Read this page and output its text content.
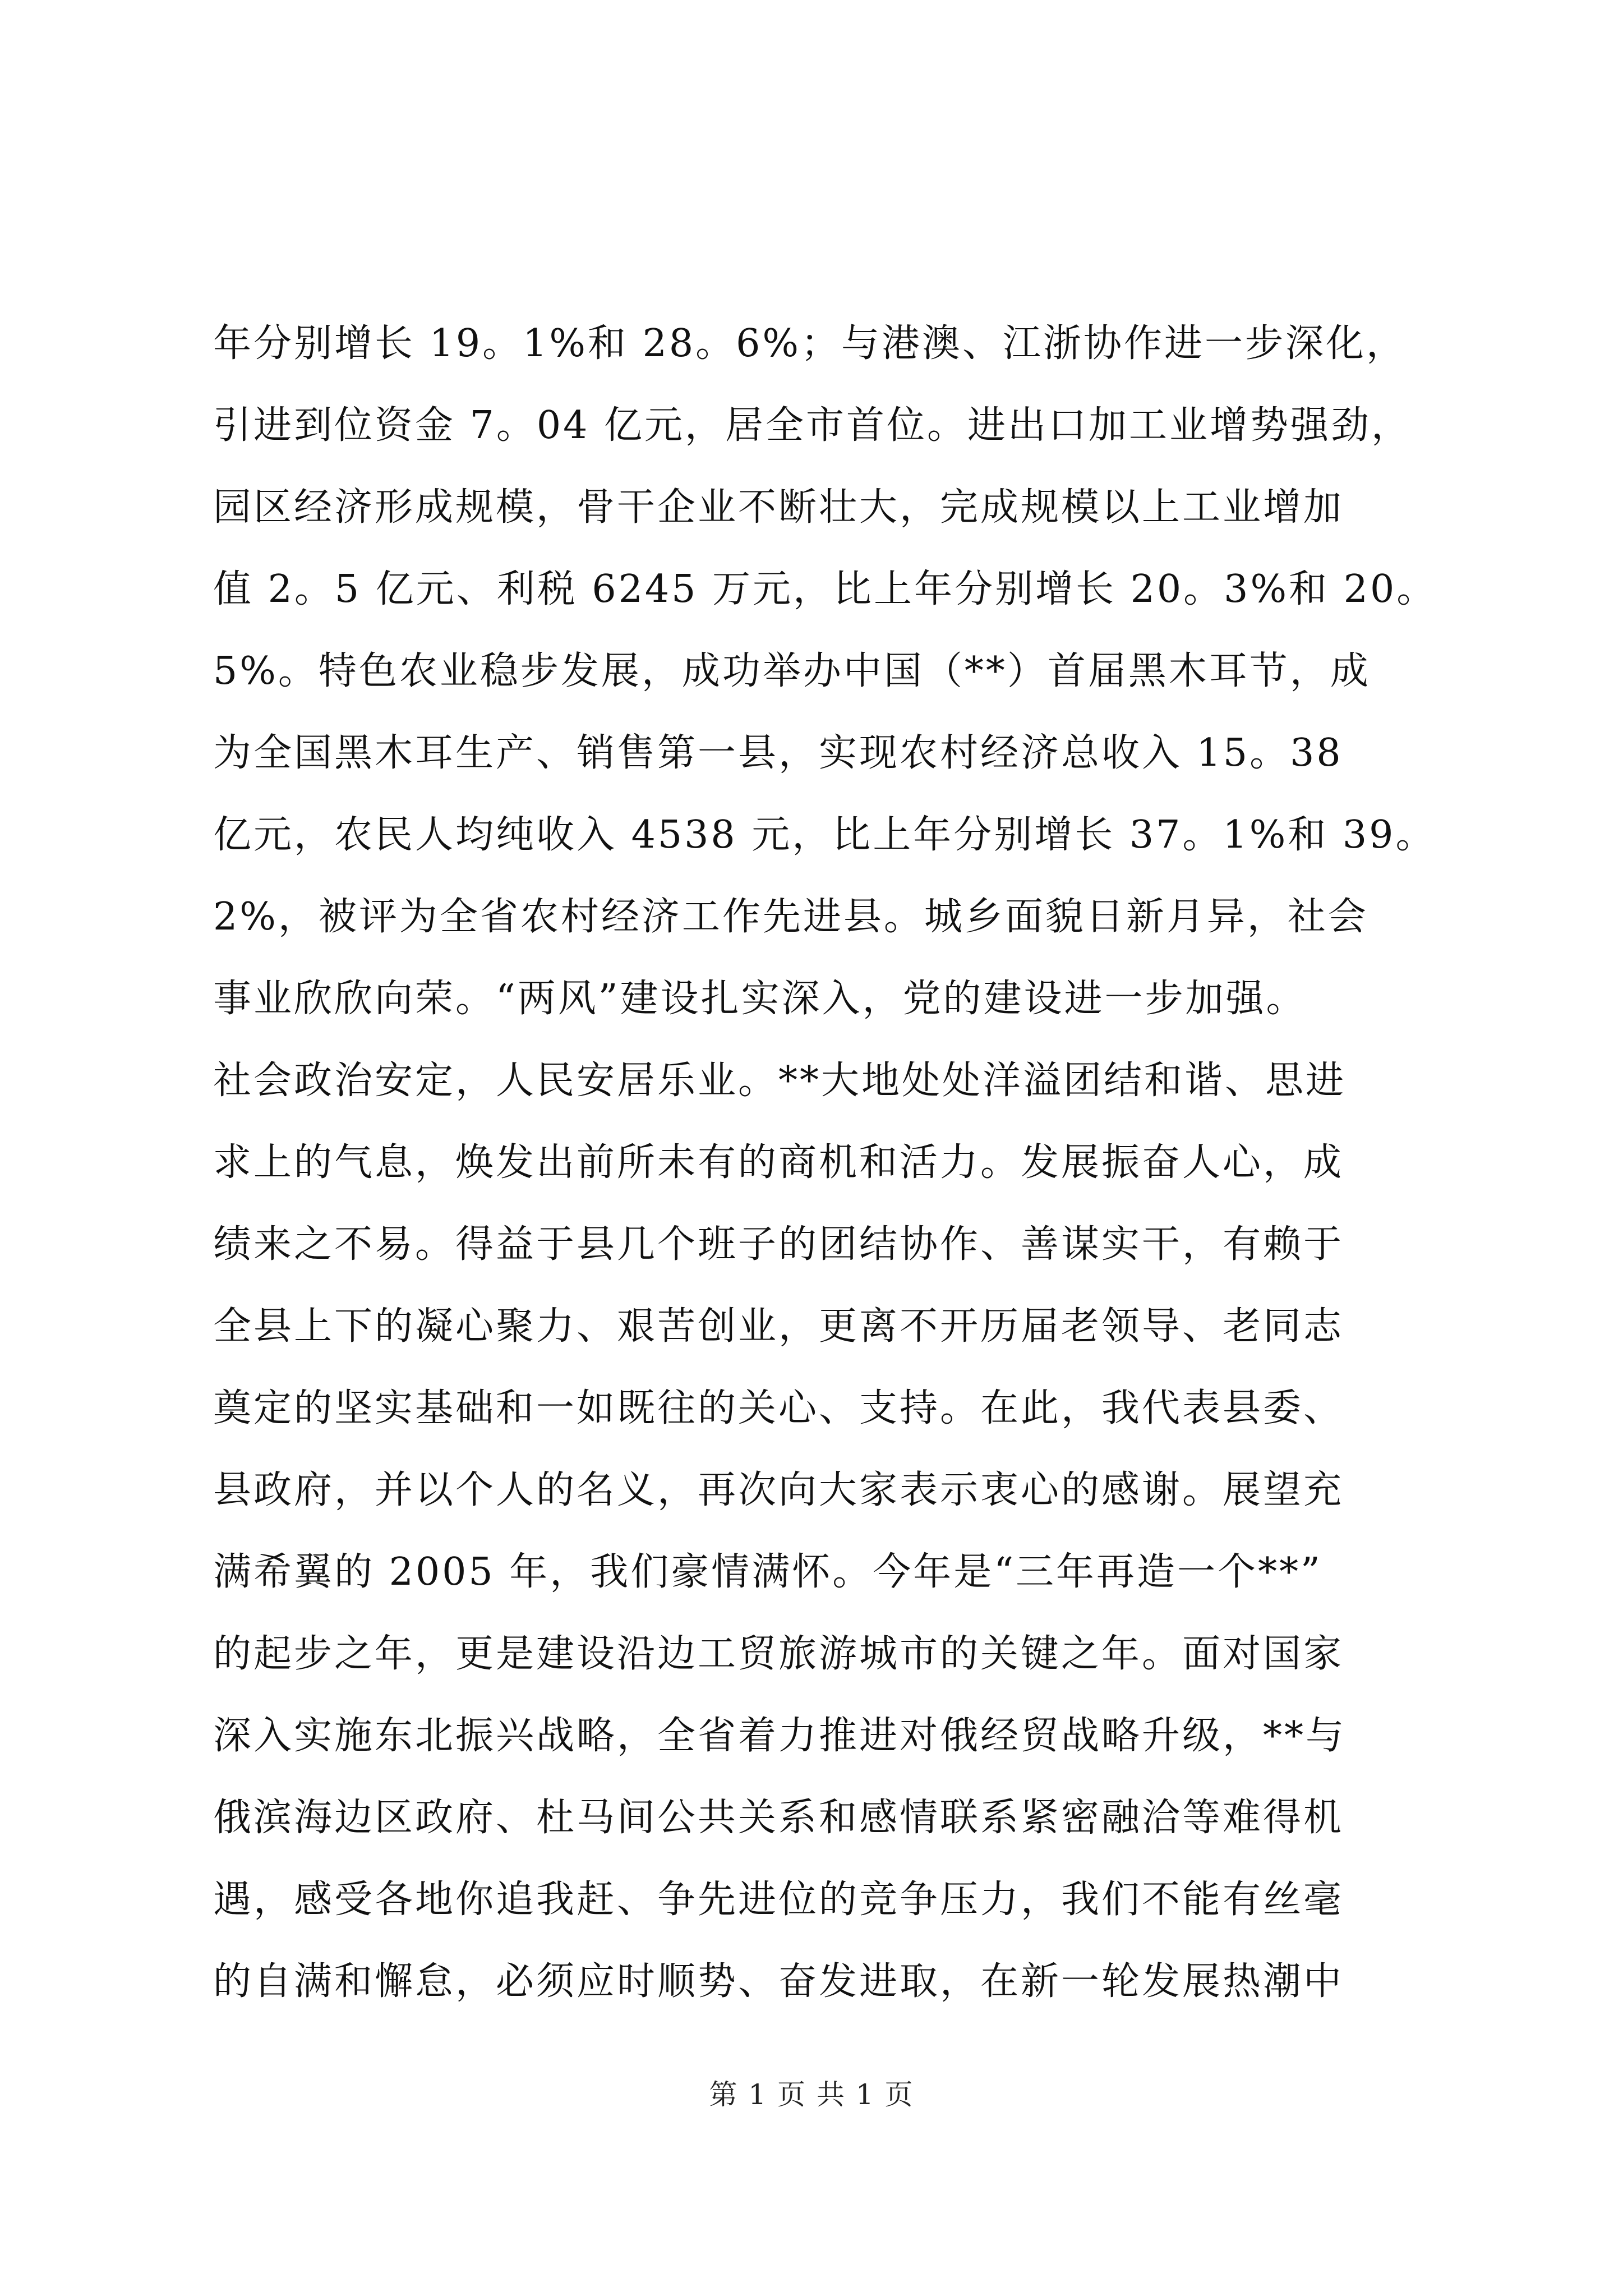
年分别增长 19。1%和 28。6%；与港澳、江浙协作进一步深化，
引进到位资金 7。04 亿元，居全市首位。进出口加工业增势强劲，
园区经济形成规模，骨干企业不断壮大，完成规模以上工业增加
值 2。5 亿元、利税 6245 万元，比上年分别增长 20。3%和 20。
5%。特色农业稳步发展，成功举办中国（**）首届黑木耳节，成
为全国黑木耳生产、销售第一县，实现农村经济总收入 15。38
亿元，农民人均纯收入 4538 元，比上年分别增长 37。1%和 39。
2%，被评为全省农村经济工作先进县。城乡面貌日新月异，社会
事业欣欣向荣。“两风”建设扎实深入，党的建设进一步加强。
社会政治安定，人民安居乐业。**大地处处洋溢团结和谐、思进
求上的气息，焕发出前所未有的商机和活力。发展振奋人心，成
绩来之不易。得益于县几个班子的团结协作、善谋实干，有赖于
全县上下的凝心聚力、艰苦创业，更离不开历届老领导、老同志
奠定的坚实基础和一如既往的关心、支持。在此，我代表县委、
县政府，并以个人的名义，再次向大家表示衷心的感谢。展望充
满希翼的 2005 年，我们豪情满怀。今年是“三年再造一个**”
的起步之年，更是建设沿边工贸旅游城市的关键之年。面对国家
深入实施东北振兴战略，全省着力推进对俄经贸战略升级，**与
俄滨海边区政府、杜马间公共关系和感情联系紧密融洽等难得机
遇，感受各地你追我赶、争先进位的竞争压力，我们不能有丝毫
的自满和懈怠，必须应时顺势、奋发进取，在新一轮发展热潮中
第 1 页 共 1 页
